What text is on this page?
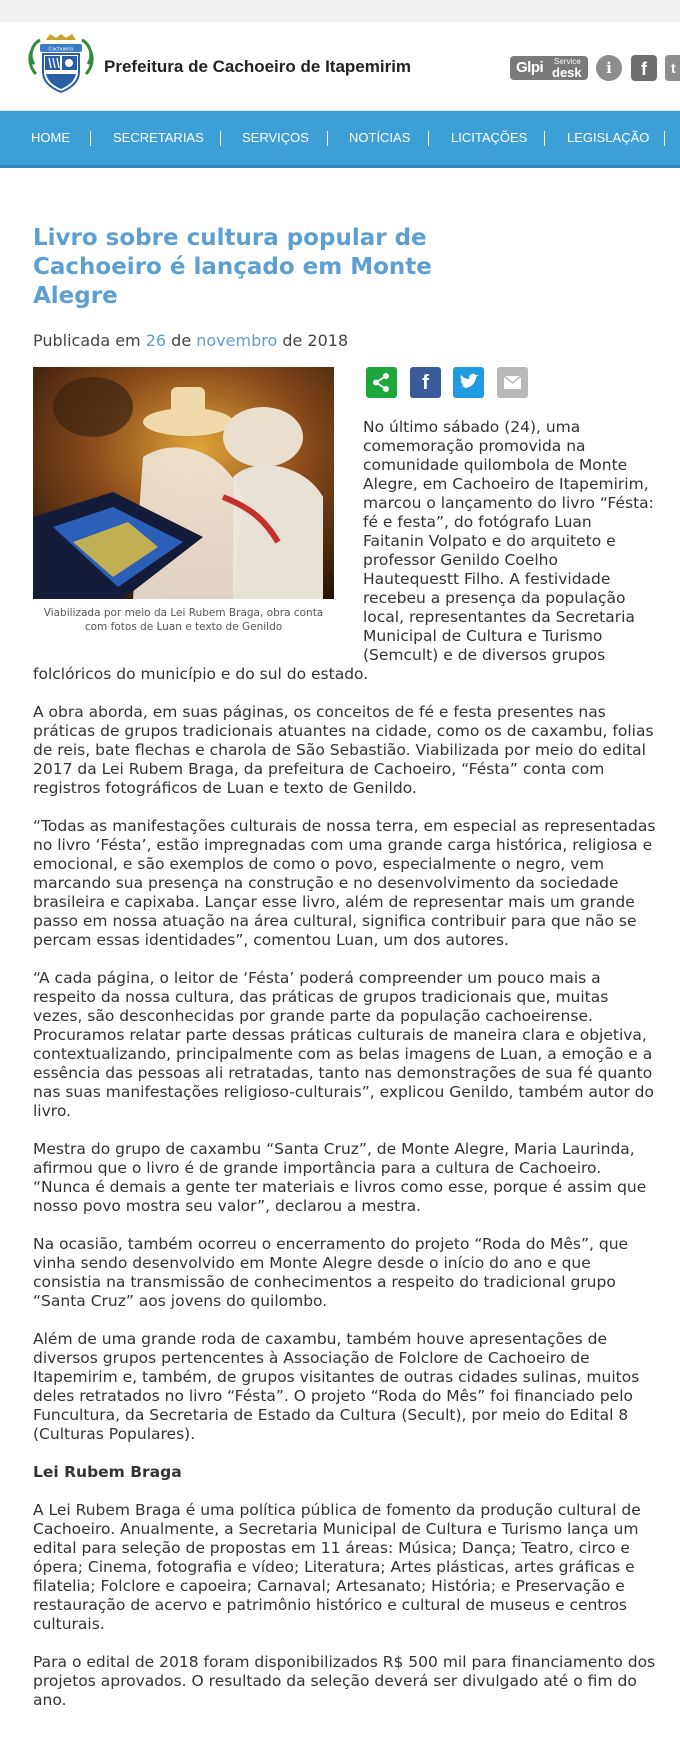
Cachoeiro
Prefeitura de Cachoeiro de Itapemirim	Glpi Service
desk	i	f	t
HOME	SECRETARIAS	SERVIÇOS	NOTÍCIAS	LICITAÇÕES	LEGISLAÇÃO
Livro sobre cultura popular de Cachoeiro é lançado em Monte Alegre
Publicada em 26 de novembro de 2018
Viabilizada por meio da Lei Rubem Braga, obra conta com fotos de Luan e texto de Genildo
f

No último sábado (24), uma comemoração promovida na comunidade quilombola de Monte Alegre, em Cachoeiro de Itapemirim, marcou o lançamento do livro “Fésta: fé e festa”, do fotógrafo Luan Faitanin Volpato e do arquiteto e professor Genildo Coelho Hautequestt Filho. A festividade recebeu a presença da população local, representantes da Secretaria Municipal de Cultura e Turismo (Semcult) e de diversos grupos folclóricos do município e do sul do estado.

A obra aborda, em suas páginas, os conceitos de fé e festa presentes nas práticas de grupos tradicionais atuantes na cidade, como os de caxambu, folias de reis, bate flechas e charola de São Sebastião. Viabilizada por meio do edital 2017 da Lei Rubem Braga, da prefeitura de Cachoeiro, “Fésta” conta com registros fotográficos de Luan e texto de Genildo.

“Todas as manifestações culturais de nossa terra, em especial as representadas no livro ‘Fésta’, estão impregnadas com uma grande carga histórica, religiosa e emocional, e são exemplos de como o povo, especialmente o negro, vem marcando sua presença na construção e no desenvolvimento da sociedade brasileira e capixaba. Lançar esse livro, além de representar mais um grande passo em nossa atuação na área cultural, significa contribuir para que não se percam essas identidades”, comentou Luan, um dos autores.

“A cada página, o leitor de ‘Fésta’ poderá compreender um pouco mais a respeito da nossa cultura, das práticas de grupos tradicionais que, muitas vezes, são desconhecidas por grande parte da população cachoeirense. Procuramos relatar parte dessas práticas culturais de maneira clara e objetiva, contextualizando, principalmente com as belas imagens de Luan, a emoção e a essência das pessoas ali retratadas, tanto nas demonstrações de sua fé quanto nas suas manifestações religioso-culturais”, explicou Genildo, também autor do livro.

Mestra do grupo de caxambu “Santa Cruz”, de Monte Alegre, Maria Laurinda, afirmou que o livro é de grande importância para a cultura de Cachoeiro. “Nunca é demais a gente ter materiais e livros como esse, porque é assim que nosso povo mostra seu valor”, declarou a mestra.

Na ocasião, também ocorreu o encerramento do projeto “Roda do Mês”, que vinha sendo desenvolvido em Monte Alegre desde o início do ano e que consistia na transmissão de conhecimentos a respeito do tradicional grupo “Santa Cruz” aos jovens do quilombo.

Além de uma grande roda de caxambu, também houve apresentações de diversos grupos pertencentes à Associação de Folclore de Cachoeiro de Itapemirim e, também, de grupos visitantes de outras cidades sulinas, muitos deles retratados no livro “Fésta”. O projeto “Roda do Mês” foi financiado pelo Funcultura, da Secretaria de Estado da Cultura (Secult), por meio do Edital 8 (Culturas Populares).

Lei Rubem Braga

A Lei Rubem Braga é uma política pública de fomento da produção cultural de Cachoeiro. Anualmente, a Secretaria Municipal de Cultura e Turismo lança um edital para seleção de propostas em 11 áreas: Música; Dança; Teatro, circo e ópera; Cinema, fotografia e vídeo; Literatura; Artes plásticas, artes gráficas e filatelia; Folclore e capoeira; Carnaval; Artesanato; História; e Preservação e restauração de acervo e patrimônio histórico e cultural de museus e centros culturais.

Para o edital de 2018 foram disponibilizados R$ 500 mil para financiamento dos projetos aprovados. O resultado da seleção deverá ser divulgado até o fim do ano.
